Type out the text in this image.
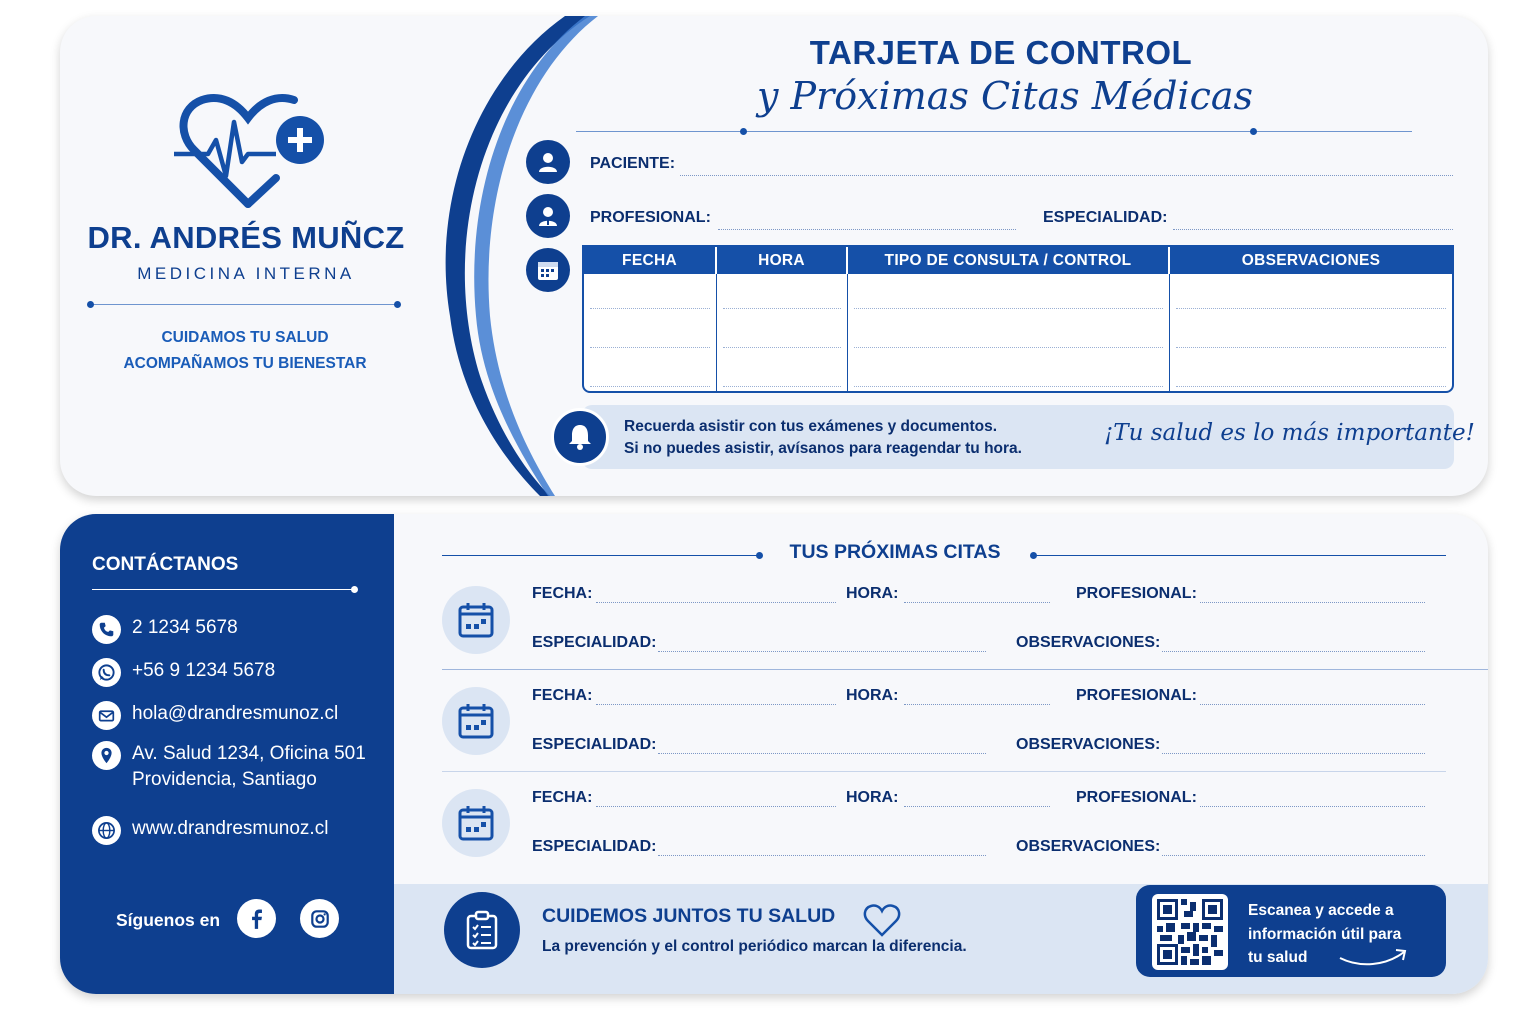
DR. ANDRÉS MUÑCZ
MEDICINA INTERNA
CUIDAMOS TU SALUD
ACOMPAÑAMOS TU BIENESTAR
TARJETA DE CONTROL
y Próximas Citas Médicas
PACIENTE:
PROFESIONAL:	ESPECIALIDAD:
FECHA	HORA	TIPO DE CONSULTA / CONTROL	OBSERVACIONES

Recuerda asistir con tus exámenes y documentos.
Si no puedes asistir, avísanos para reagendar tu hora.
¡Tu salud es lo más importante!
CONTÁCTANOS
2 1234 5678
+56 9 1234 5678
hola@drandresmunoz.cl
Av. Salud 1234, Oficina 501
Providencia, Santiago
www.drandresmunoz.cl
Síguenos en
TUS PRÓXIMAS CITAS
FECHA:	HORA:	PROFESIONAL:
ESPECIALIDAD:	OBSERVACIONES:
FECHA:	HORA:	PROFESIONAL:
ESPECIALIDAD:	OBSERVACIONES:
FECHA:	HORA:	PROFESIONAL:
ESPECIALIDAD:	OBSERVACIONES:
CUIDEMOS JUNTOS TU SALUD
La prevención y el control periódico marcan la diferencia.
Escanea y accede a
información útil para
tu salud
